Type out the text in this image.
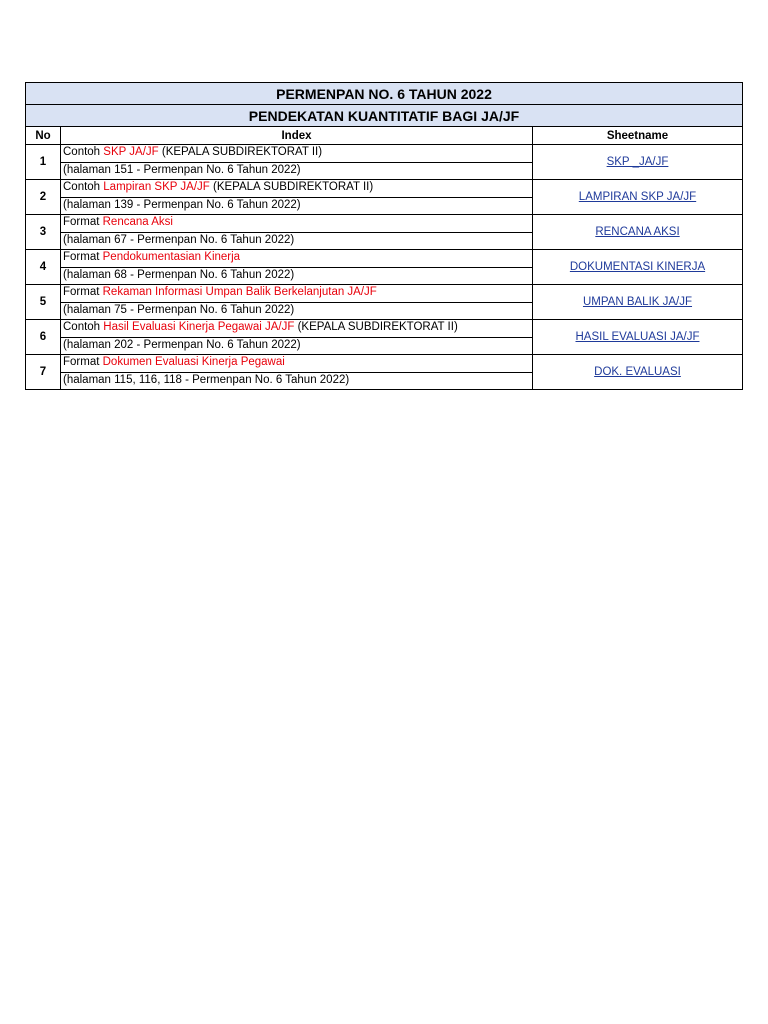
PERMENPAN NO. 6 TAHUN 2022		
PENDEKATAN KUANTITATIF BAGI JA/JF		
No	Index	Sheetname
1	Contoh SKP JA/JF (KEPALA SUBDIREKTORAT II)	SKP _JA/JF
	(halaman 151 - Permenpan No. 6 Tahun 2022)	
2	Contoh Lampiran SKP JA/JF (KEPALA SUBDIREKTORAT II)	LAMPIRAN SKP JA/JF
	(halaman 139 - Permenpan No. 6 Tahun 2022)	
3	Format Rencana Aksi	RENCANA AKSI
	(halaman 67 - Permenpan No. 6 Tahun 2022)	
4	Format Pendokumentasian Kinerja	DOKUMENTASI KINERJA
	(halaman 68 - Permenpan No. 6 Tahun 2022)	
5	Format Rekaman Informasi Umpan Balik Berkelanjutan JA/JF	UMPAN BALIK JA/JF
	(halaman 75 - Permenpan No. 6 Tahun 2022)	
6	Contoh Hasil Evaluasi Kinerja Pegawai JA/JF (KEPALA SUBDIREKTORAT II)	HASIL EVALUASI JA/JF
	(halaman 202 - Permenpan No. 6 Tahun 2022)	
7	Format Dokumen Evaluasi Kinerja Pegawai	DOK. EVALUASI
	(halaman 115, 116, 118 - Permenpan No. 6 Tahun 2022)	
